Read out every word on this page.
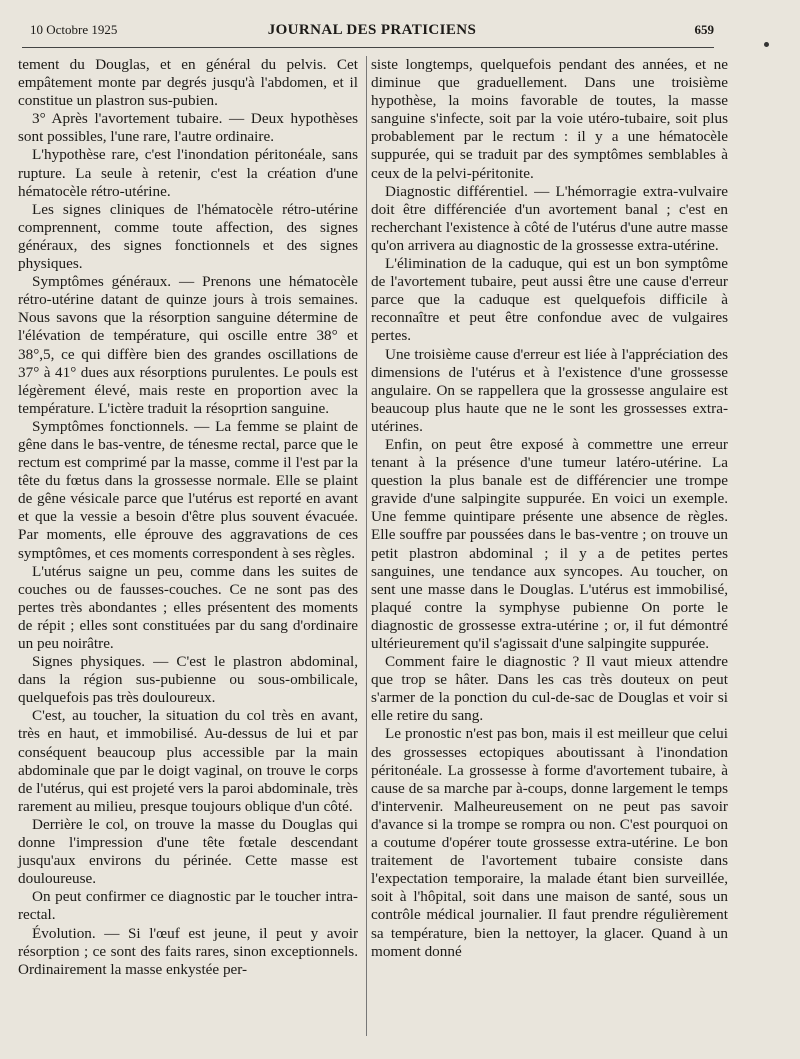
10 Octobre 1925	JOURNAL DES PRATICIENS	659

tement du Douglas, et en général du pelvis. Cet empâtement monte par degrés jusqu'à l'abdomen, et il constitue un plastron sus-pubien.

3° Après l'avortement tubaire. — Deux hypothèses sont possibles, l'une rare, l'autre ordinaire.

L'hypothèse rare, c'est l'inondation péritonéale, sans rupture. La seule à retenir, c'est la création d'une hématocèle rétro-utérine.

Les signes cliniques de l'hématocèle rétro-utérine comprennent, comme toute affection, des signes généraux, des signes fonctionnels et des signes physiques.

Symptômes généraux. — Prenons une hématocèle rétro-utérine datant de quinze jours à trois semaines. Nous savons que la résorption sanguine détermine de l'élévation de température, qui oscille entre 38° et 38°,5, ce qui diffère bien des grandes oscillations de 37° à 41° dues aux résorptions purulentes. Le pouls est légèrement élevé, mais reste en proportion avec la température. L'ictère traduit la résoprtion sanguine.

Symptômes fonctionnels. — La femme se plaint de gêne dans le bas-ventre, de ténesme rectal, parce que le rectum est comprimé par la masse, comme il l'est par la tête du fœtus dans la grossesse normale. Elle se plaint de gêne vésicale parce que l'utérus est reporté en avant et que la vessie a besoin d'être plus souvent évacuée. Par moments, elle éprouve des aggravations de ces symptômes, et ces moments correspondent à ses règles.

L'utérus saigne un peu, comme dans les suites de couches ou de fausses-couches. Ce ne sont pas des pertes très abondantes ; elles présentent des moments de répit ; elles sont constituées par du sang d'ordinaire un peu noirâtre.

Signes physiques. — C'est le plastron abdominal, dans la région sus-pubienne ou sous-ombilicale, quelquefois pas très douloureux.

C'est, au toucher, la situation du col très en avant, très en haut, et immobilisé. Au-dessus de lui et par conséquent beaucoup plus accessible par la main abdominale que par le doigt vaginal, on trouve le corps de l'utérus, qui est projeté vers la paroi abdominale, très rarement au milieu, presque toujours oblique d'un côté.

Derrière le col, on trouve la masse du Douglas qui donne l'impression d'une tête fœtale descendant jusqu'aux environs du périnée. Cette masse est douloureuse.

On peut confirmer ce diagnostic par le toucher intra-rectal.

Évolution. — Si l'œuf est jeune, il peut y avoir résorption ; ce sont des faits rares, sinon exceptionnels. Ordinairement la masse enkystée per-

siste longtemps, quelquefois pendant des années, et ne diminue que graduellement. Dans une troisième hypothèse, la moins favorable de toutes, la masse sanguine s'infecte, soit par la voie utéro-tubaire, soit plus probablement par le rectum : il y a une hématocèle suppurée, qui se traduit par des symptômes semblables à ceux de la pelvi-péritonite.

Diagnostic différentiel. — L'hémorragie extra-vulvaire doit être différenciée d'un avortement banal ; c'est en recherchant l'existence à côté de l'utérus d'une autre masse qu'on arrivera au diagnostic de la grossesse extra-utérine.

L'élimination de la caduque, qui est un bon symptôme de l'avortement tubaire, peut aussi être une cause d'erreur parce que la caduque est quelquefois difficile à reconnaître et peut être confondue avec de vulgaires pertes.

Une troisième cause d'erreur est liée à l'appréciation des dimensions de l'utérus et à l'existence d'une grossesse angulaire. On se rappellera que la grossesse angulaire est beaucoup plus haute que ne le sont les grossesses extra-utérines.

Enfin, on peut être exposé à commettre une erreur tenant à la présence d'une tumeur latéro-utérine. La question la plus banale est de différencier une trompe gravide d'une salpingite suppurée. En voici un exemple. Une femme quintipare présente une absence de règles. Elle souffre par poussées dans le bas-ventre ; on trouve un petit plastron abdominal ; il y a de petites pertes sanguines, une tendance aux syncopes. Au toucher, on sent une masse dans le Douglas. L'utérus est immobilisé, plaqué contre la symphyse pubienne On porte le diagnostic de grossesse extra-utérine ; or, il fut démontré ultérieurement qu'il s'agissait d'une salpingite suppurée.

Comment faire le diagnostic ? Il vaut mieux attendre que trop se hâter. Dans les cas très douteux on peut s'armer de la ponction du cul-de-sac de Douglas et voir si elle retire du sang.

Le pronostic n'est pas bon, mais il est meilleur que celui des grossesses ectopiques aboutissant à l'inondation péritonéale. La grossesse à forme d'avortement tubaire, à cause de sa marche par à-coups, donne largement le temps d'intervenir. Malheureusement on ne peut pas savoir d'avance si la trompe se rompra ou non. C'est pourquoi on a coutume d'opérer toute grossesse extra-utérine. Le bon traitement de l'avortement tubaire consiste dans l'expectation temporaire, la malade étant bien surveillée, soit à l'hôpital, soit dans une maison de santé, sous un contrôle médical journalier. Il faut prendre régulièrement sa température, bien la nettoyer, la glacer. Quand à un moment donné
